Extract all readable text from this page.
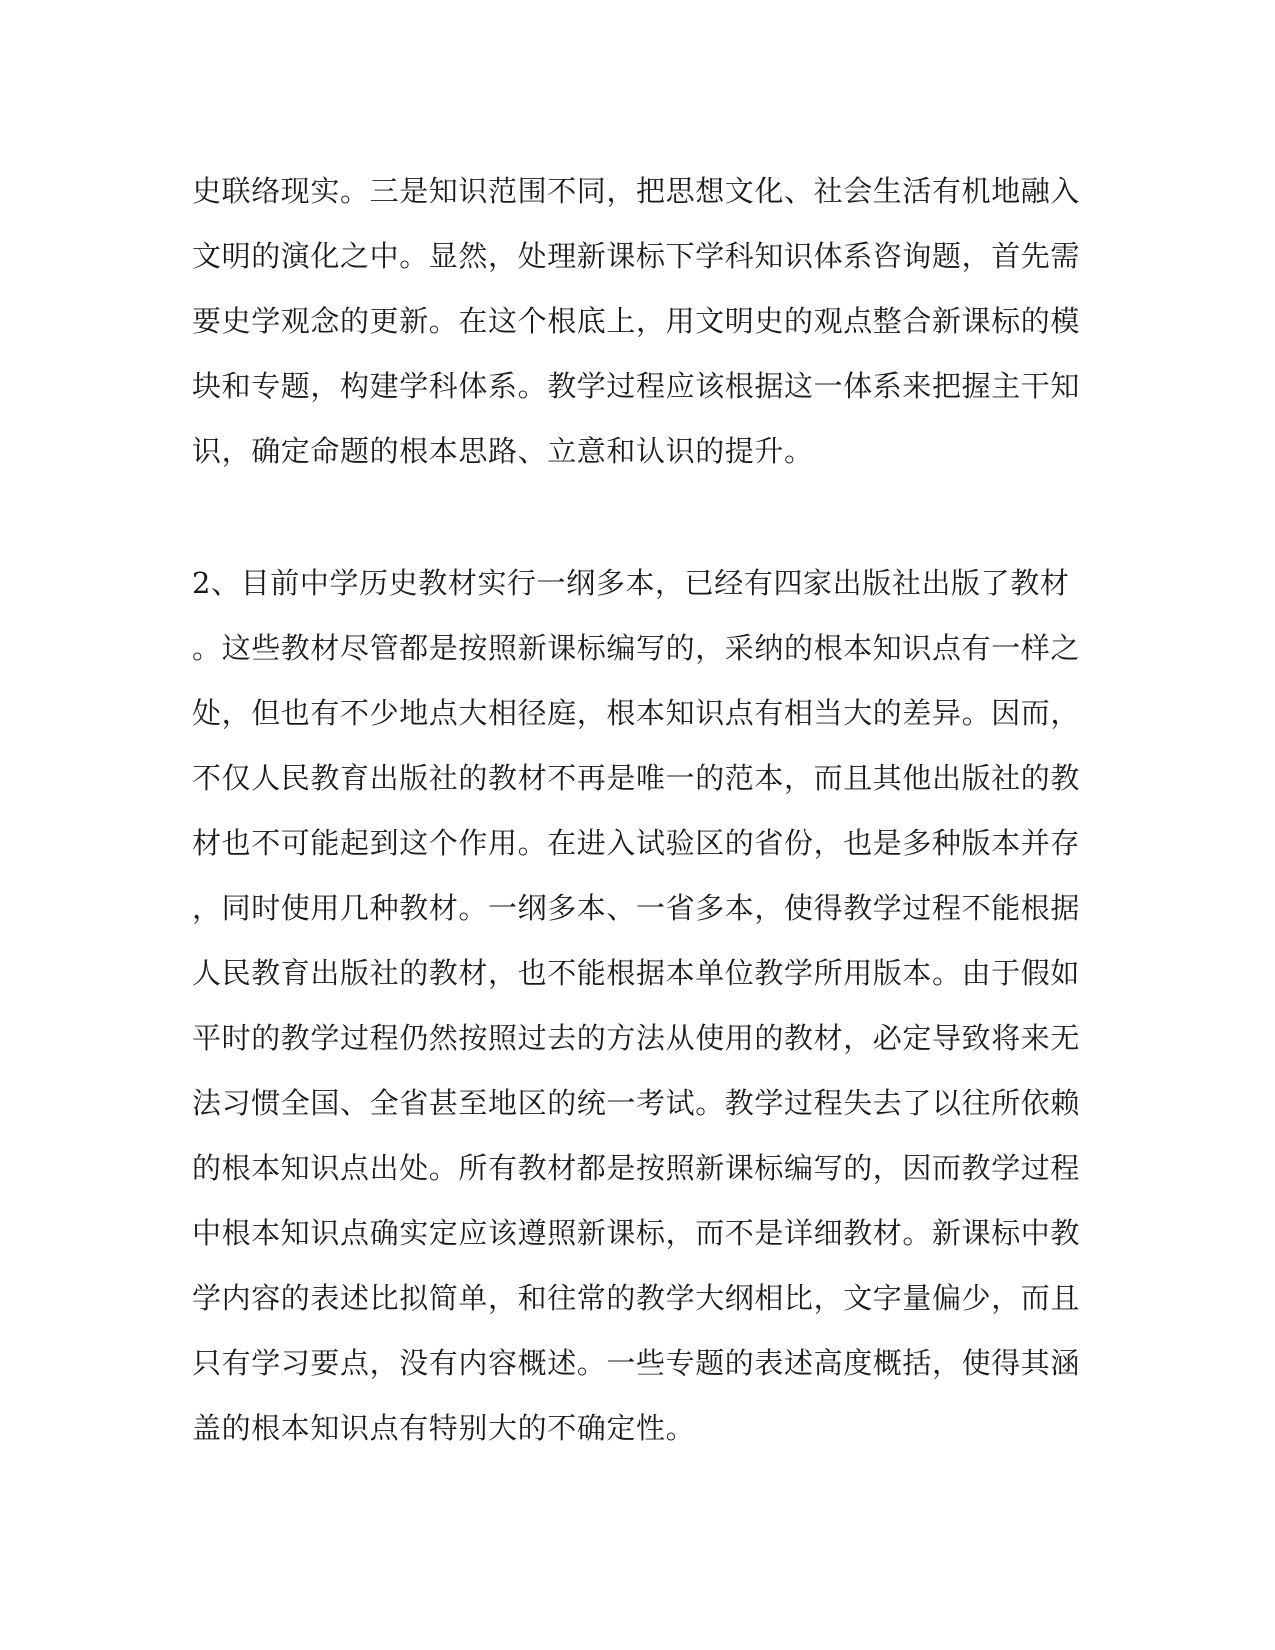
史联络现实。三是知识范围不同，把思想文化、社会生活有机地融入
文明的演化之中。显然，处理新课标下学科知识体系咨询题，首先需
要史学观念的更新。在这个根底上，用文明史的观点整合新课标的模
块和专题，构建学科体系。教学过程应该根据这一体系来把握主干知
识，确定命题的根本思路、立意和认识的提升。
2、目前中学历史教材实行一纲多本，已经有四家出版社出版了教材
。这些教材尽管都是按照新课标编写的，采纳的根本知识点有一样之
处，但也有不少地点大相径庭，根本知识点有相当大的差异。因而，
不仅人民教育出版社的教材不再是唯一的范本，而且其他出版社的教
材也不可能起到这个作用。在进入试验区的省份，也是多种版本并存
，同时使用几种教材。一纲多本、一省多本，使得教学过程不能根据
人民教育出版社的教材，也不能根据本单位教学所用版本。由于假如
平时的教学过程仍然按照过去的方法从使用的教材，必定导致将来无
法习惯全国、全省甚至地区的统一考试。教学过程失去了以往所依赖
的根本知识点出处。所有教材都是按照新课标编写的，因而教学过程
中根本知识点确实定应该遵照新课标，而不是详细教材。新课标中教
学内容的表述比拟简单，和往常的教学大纲相比，文字量偏少，而且
只有学习要点，没有内容概述。一些专题的表述高度概括，使得其涵
盖的根本知识点有特别大的不确定性。
